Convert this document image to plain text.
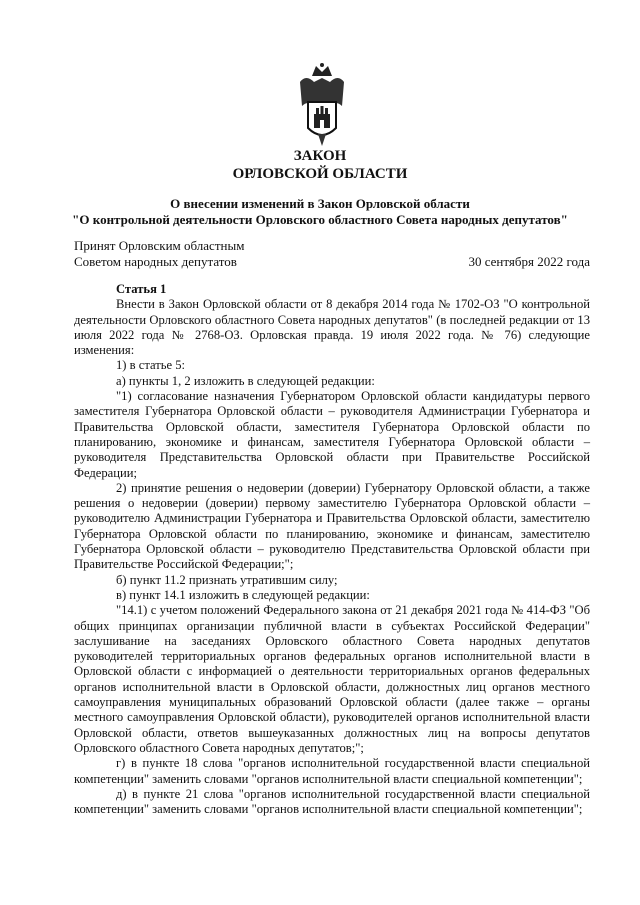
ЗАКОН
ОРЛОВСКОЙ ОБЛАСТИ
О внесении изменений в Закон Орловской области
"О контрольной деятельности Орловского областного Совета народных депутатов"
Принят Орловским областным
Советом народных депутатов	30 сентября 2022 года

Статья 1

Внести в Закон Орловской области от 8 декабря 2014 года № 1702-ОЗ "О контрольной деятельности Орловского областного Совета народных депутатов" (в последней редакции от 13 июля 2022 года № 2768-ОЗ. Орловская правда. 19 июля 2022 года. № 76) следующие изменения:

1) в статье 5:

а) пункты 1, 2 изложить в следующей редакции:

"1) согласование назначения Губернатором Орловской области кандидатуры первого заместителя Губернатора Орловской области – руководителя Администрации Губернатора и Правительства Орловской области, заместителя Губернатора Орловской области по планированию, экономике и финансам, заместителя Губернатора Орловской области – руководителя Представительства Орловской области при Правительстве Российской Федерации;

2) принятие решения о недоверии (доверии) Губернатору Орловской области, а также решения о недоверии (доверии) первому заместителю Губернатора Орловской области – руководителю Администрации Губернатора и Правительства Орловской области, заместителю Губернатора Орловской области по планированию, экономике и финансам, заместителю Губернатора Орловской области – руководителю Представительства Орловской области при Правительстве Российской Федерации;";

б) пункт 11.2 признать утратившим силу;

в) пункт 14.1 изложить в следующей редакции:

"14.1) с учетом положений Федерального закона от 21 декабря 2021 года № 414-ФЗ "Об общих принципах организации публичной власти в субъектах Российской Федерации" заслушивание на заседаниях Орловского областного Совета народных депутатов руководителей территориальных органов федеральных органов исполнительной власти в Орловской области с информацией о деятельности территориальных органов федеральных органов исполнительной власти в Орловской области, должностных лиц органов местного самоуправления муниципальных образований Орловской области (далее также – органы местного самоуправления Орловской области), руководителей органов исполнительной власти Орловской области, ответов вышеуказанных должностных лиц на вопросы депутатов Орловского областного Совета народных депутатов;";

г) в пункте 18 слова "органов исполнительной государственной власти специальной компетенции" заменить словами "органов исполнительной власти специальной компетенции";

д) в пункте 21 слова "органов исполнительной государственной власти специальной компетенции" заменить словами "органов исполнительной власти специальной компетенции";
